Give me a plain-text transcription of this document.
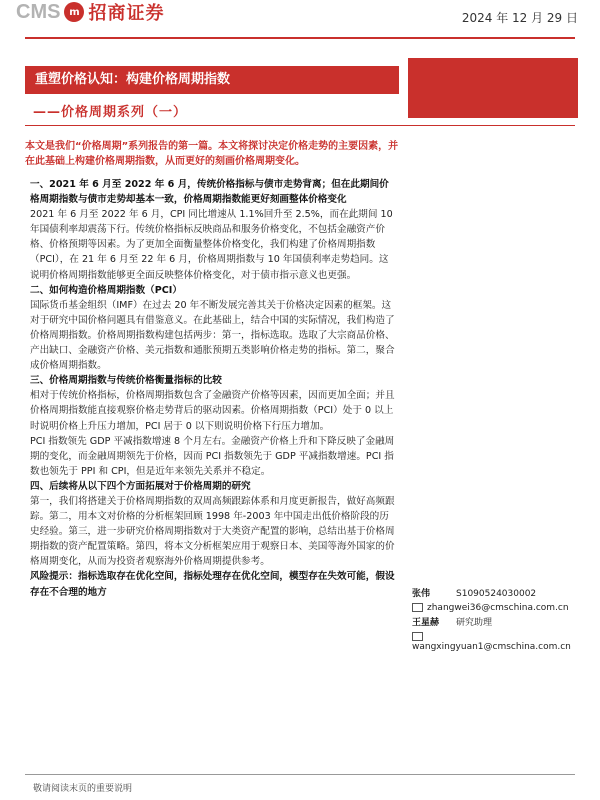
CMS m 招商证券	2024 年 12 月 29 日
重塑价格认知：构建价格周期指数
——价格周期系列（一）
本文是我们“价格周期”系列报告的第一篇。本文将探讨决定价格走势的主要因素，并在此基础上构建价格周期指数，从而更好的刻画价格周期变化。
一、2021 年 6 月至 2022 年 6 月，传统价格指标与债市走势背离；但在此期间价格周期指数与债市走势却基本一致，价格周期指数能更好刻画整体价格变化
2021 年 6 月至 2022 年 6 月，CPI 同比增速从 1.1%回升至 2.5%，而在此期间 10 年国债利率却震荡下行。传统价格指标反映商品和服务价格变化，不包括金融资产价格、价格预期等因素。为了更加全面衡量整体价格变化，我们构建了价格周期指数（PCI），在 21 年 6 月至 22 年 6 月，价格周期指数与 10 年国债利率走势趋同。这说明价格周期指数能够更全面反映整体价格变化，对于债市指示意义也更强。
二、如何构造价格周期指数（PCI）
国际货币基金组织（IMF）在过去 20 年不断发展完善其关于价格决定因素的框架。这对于研究中国价格问题具有借鉴意义。在此基础上，结合中国的实际情况，我们构造了价格周期指数。价格周期指数构建包括两步：第一，指标选取。选取了大宗商品价格、产出缺口、金融资产价格、美元指数和通胀预期五类影响价格走势的指标。第二，聚合成价格周期指数。
三、价格周期指数与传统价格衡量指标的比较
相对于传统价格指标，价格周期指数包含了金融资产价格等因素，因而更加全面；并且价格周期指数能直接观察价格走势背后的驱动因素。价格周期指数（PCI）处于 0 以上时说明价格上升压力增加，PCI 居于 0 以下则说明价格下行压力增加。
PCI 指数领先 GDP 平减指数增速 8 个月左右。金融资产价格上升和下降反映了金融周期的变化，而金融周期领先于价格，因而 PCI 指数领先于 GDP 平减指数增速。PCI 指数也领先于 PPI 和 CPI，但是近年来领先关系并不稳定。
四、后续将从以下四个方面拓展对于价格周期的研究
第一，我们将搭建关于价格周期指数的双周高频跟踪体系和月度更新报告，做好高频跟踪。第二，用本文对价格的分析框架回顾 1998 年-2003 年中国走出低价格阶段的历史经验。第三，进一步研究价格周期指数对于大类资产配置的影响，总结出基于价格周期指数的资产配置策略。第四，将本文分析框架应用于观察日本、美国等海外国家的价格周期变化，从而为投资者观察海外价格周期提供参考。
风险提示：指标选取存在优化空间，指标处理存在优化空间，模型存在失效可能，假设存在不合理的地方	张伟	S1090524030002
zhangwei36@cmschina.com.cn
王星赫 研究助理
wangxingyuan1@cmschina.com.cn
敬请阅读末页的重要说明
